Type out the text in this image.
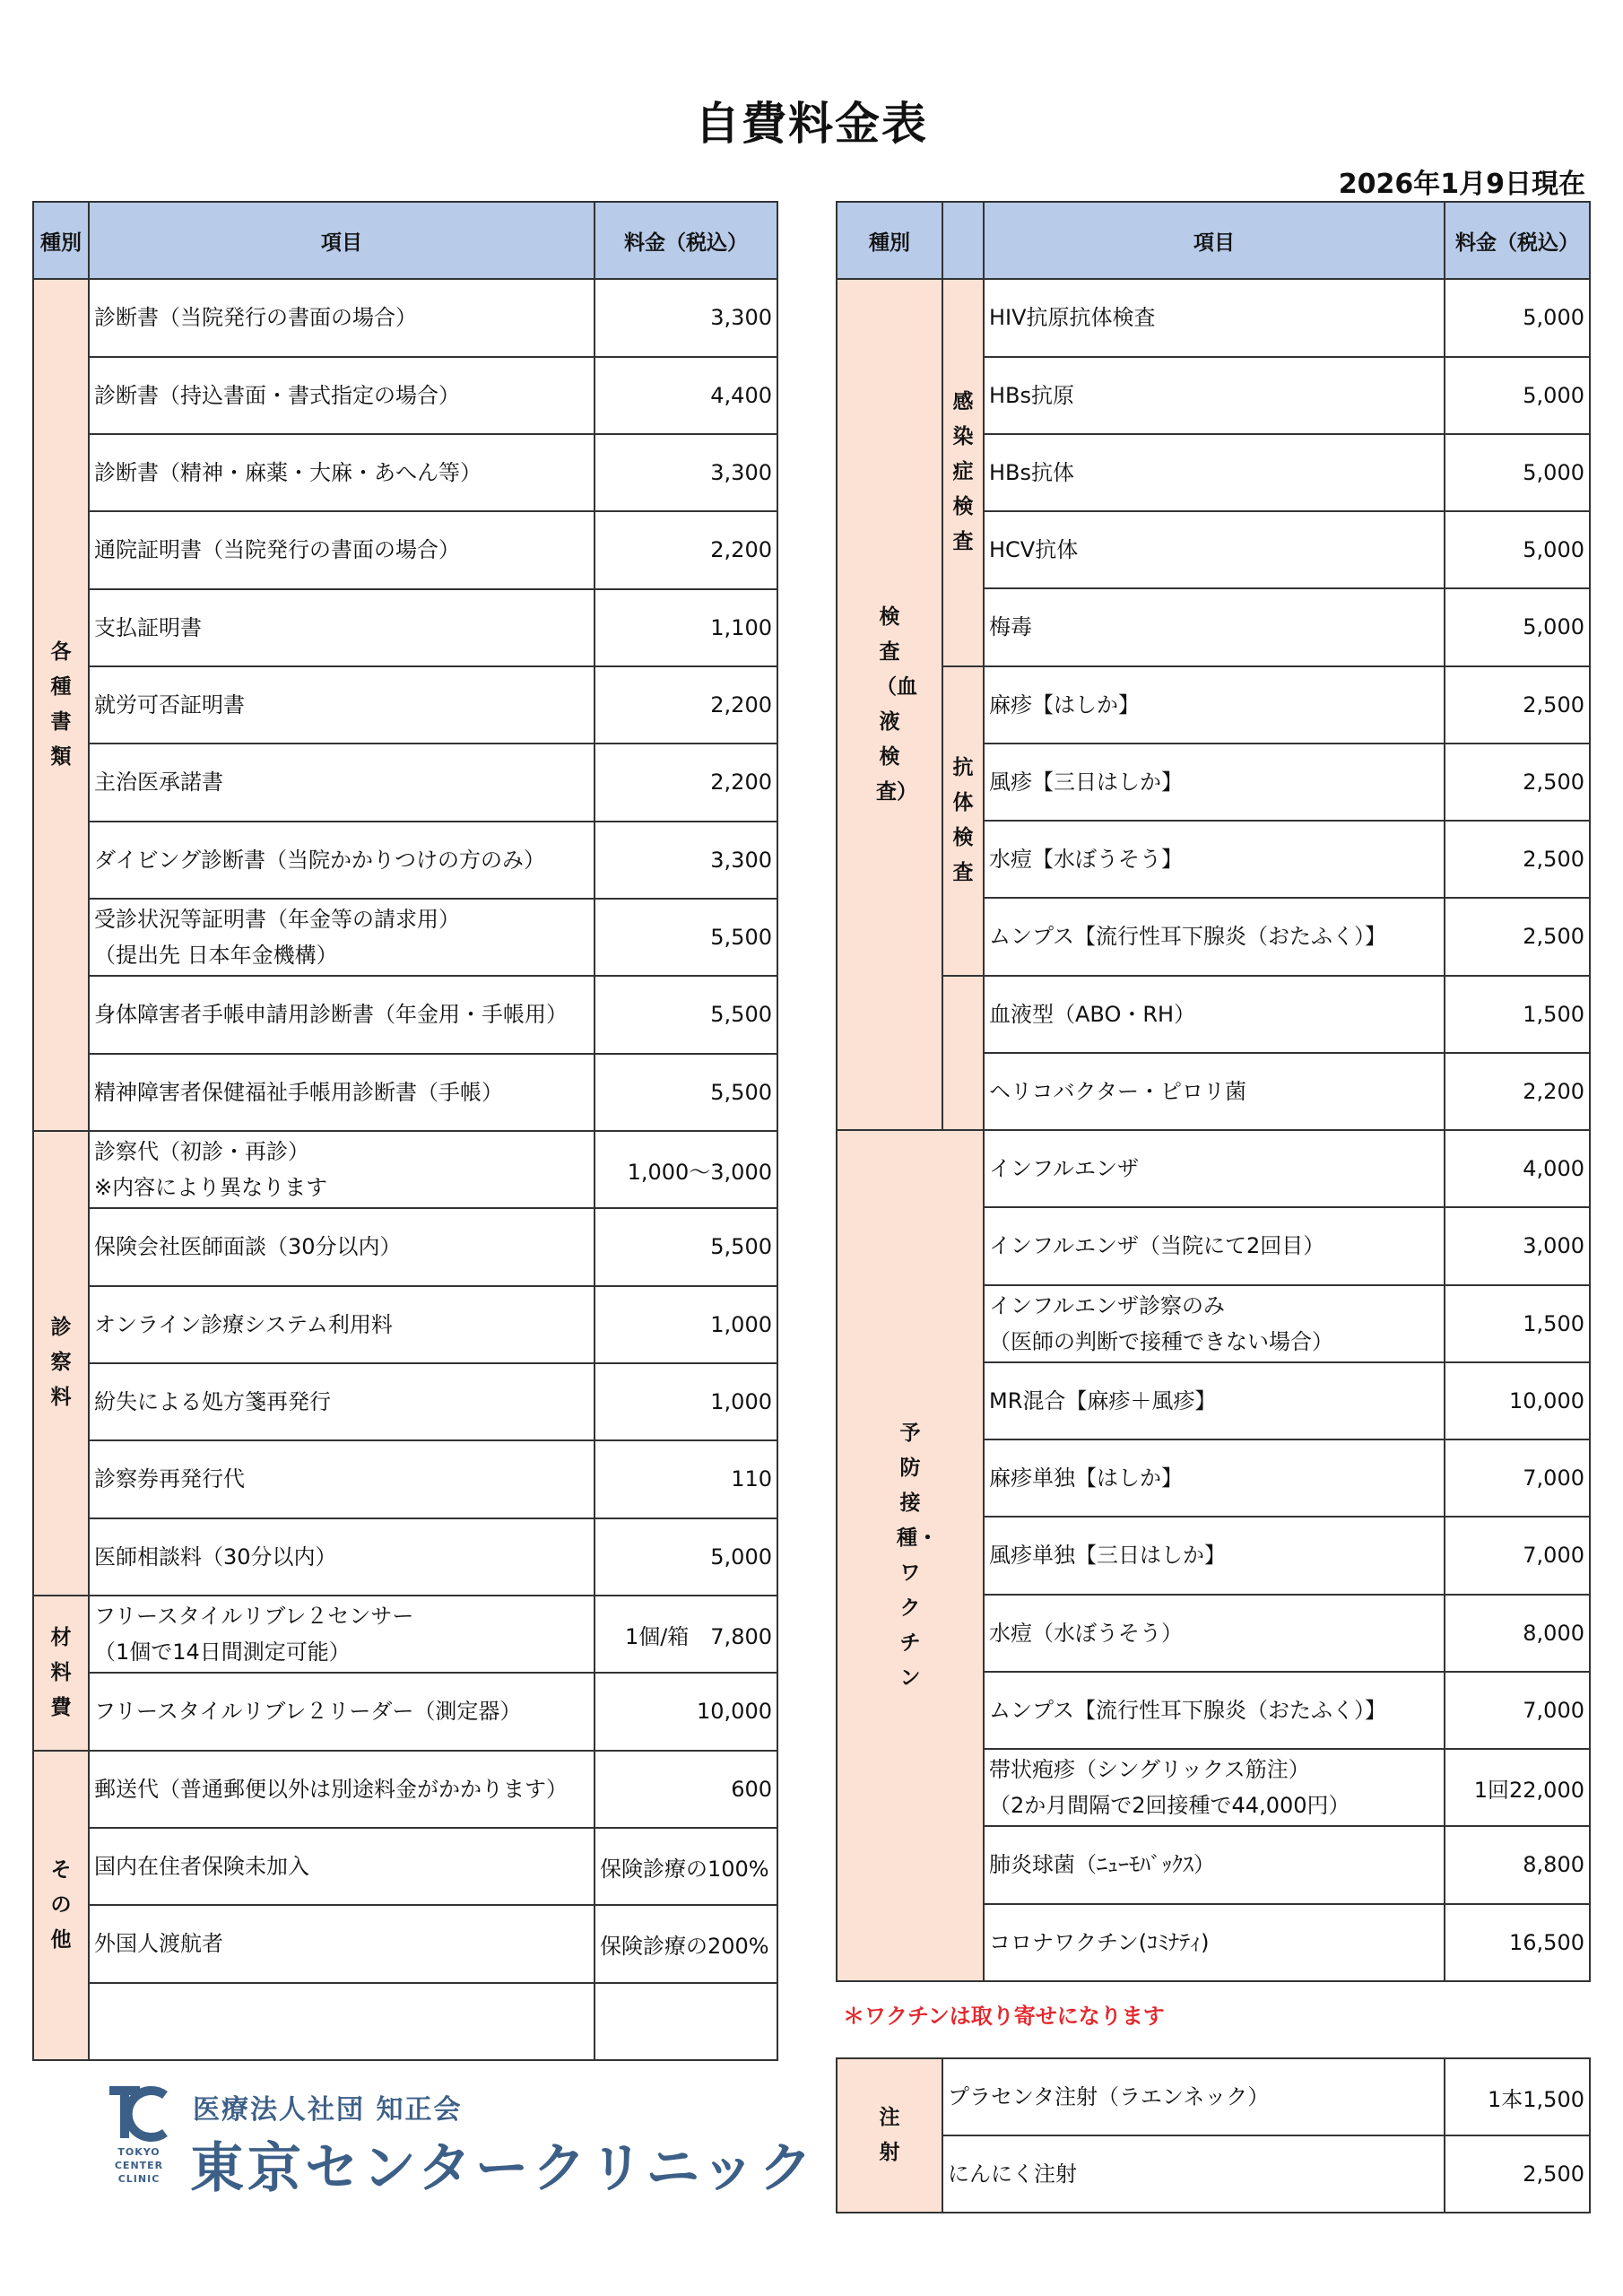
自費料金表
2026年1月9日現在
種別	項目	料金（税込）
各種書類	診断書（当院発行の書面の場合）	3,300
	診断書（持込書面・書式指定の場合）	4,400
	診断書（精神・麻薬・大麻・あへん等）	3,300
	通院証明書（当院発行の書面の場合）	2,200
	支払証明書	1,100
	就労可否証明書	2,200
	主治医承諾書	2,200
	ダイビング診断書（当院かかりつけの方のみ）	3,300
	受診状況等証明書（年金等の請求用）
（提出先 日本年金機構）	5,500
	身体障害者手帳申請用診断書（年金用・手帳用）	5,500
	精神障害者保健福祉手帳用診断書（手帳）	5,500
診察料	診察代（初診・再診）
※内容により異なります	1,000～3,000
	保険会社医師面談（30分以内）	5,500
	オンライン診療システム利用料	1,000
	紛失による処方箋再発行	1,000
	診察券再発行代	110
	医師相談料（30分以内）	5,000
材料費	フリースタイルリブレ２センサー
（1個で14日間測定可能）	1個/箱　7,800
	フリースタイルリブレ２リーダー（測定器）	10,000
その他	郵送代（普通郵便以外は別途料金がかかります）	600
	国内在住者保険未加入	保険診療の100%
	外国人渡航者	保険診療の200%

種別		項目	料金（税込）
検査（血液検査）	感染症検査	HIV抗原抗体検査	5,000
		HBs抗原	5,000
		HBs抗体	5,000
		HCV抗体	5,000
		梅毒	5,000
	抗体検査	麻疹【はしか】	2,500
		風疹【三日はしか】	2,500
		水痘【水ぼうそう】	2,500
		ムンプス【流行性耳下腺炎（おたふく）】	2,500
		血液型（ABO・RH）	1,500
		ヘリコバクター・ピロリ菌	2,200
予防接種・ワクチン		インフルエンザ	4,000
		インフルエンザ（当院にて2回目）	3,000
		インフルエンザ診察のみ
（医師の判断で接種できない場合）	1,500
		MR混合【麻疹＋風疹】	10,000
		麻疹単独【はしか】	7,000
		風疹単独【三日はしか】	7,000
		水痘（水ぼうそう）	8,000
		ムンプス【流行性耳下腺炎（おたふく）】	7,000
		帯状疱疹（シングリックス筋注）
（2か月間隔で2回接種で44,000円）	1回22,000
		肺炎球菌（ﾆｭｰﾓﾊﾞｯｸｽ）	8,800
		コロナワクチン(ｺﾐﾅﾃｨ)	16,500
＊ワクチンは取り寄せになります
注射	プラセンタ注射（ラエンネック）	1本1,500
	にんにく注射	2,500
TOKYO CENTER CLINIC
医療法人社団 知正会
東京センタークリニック
